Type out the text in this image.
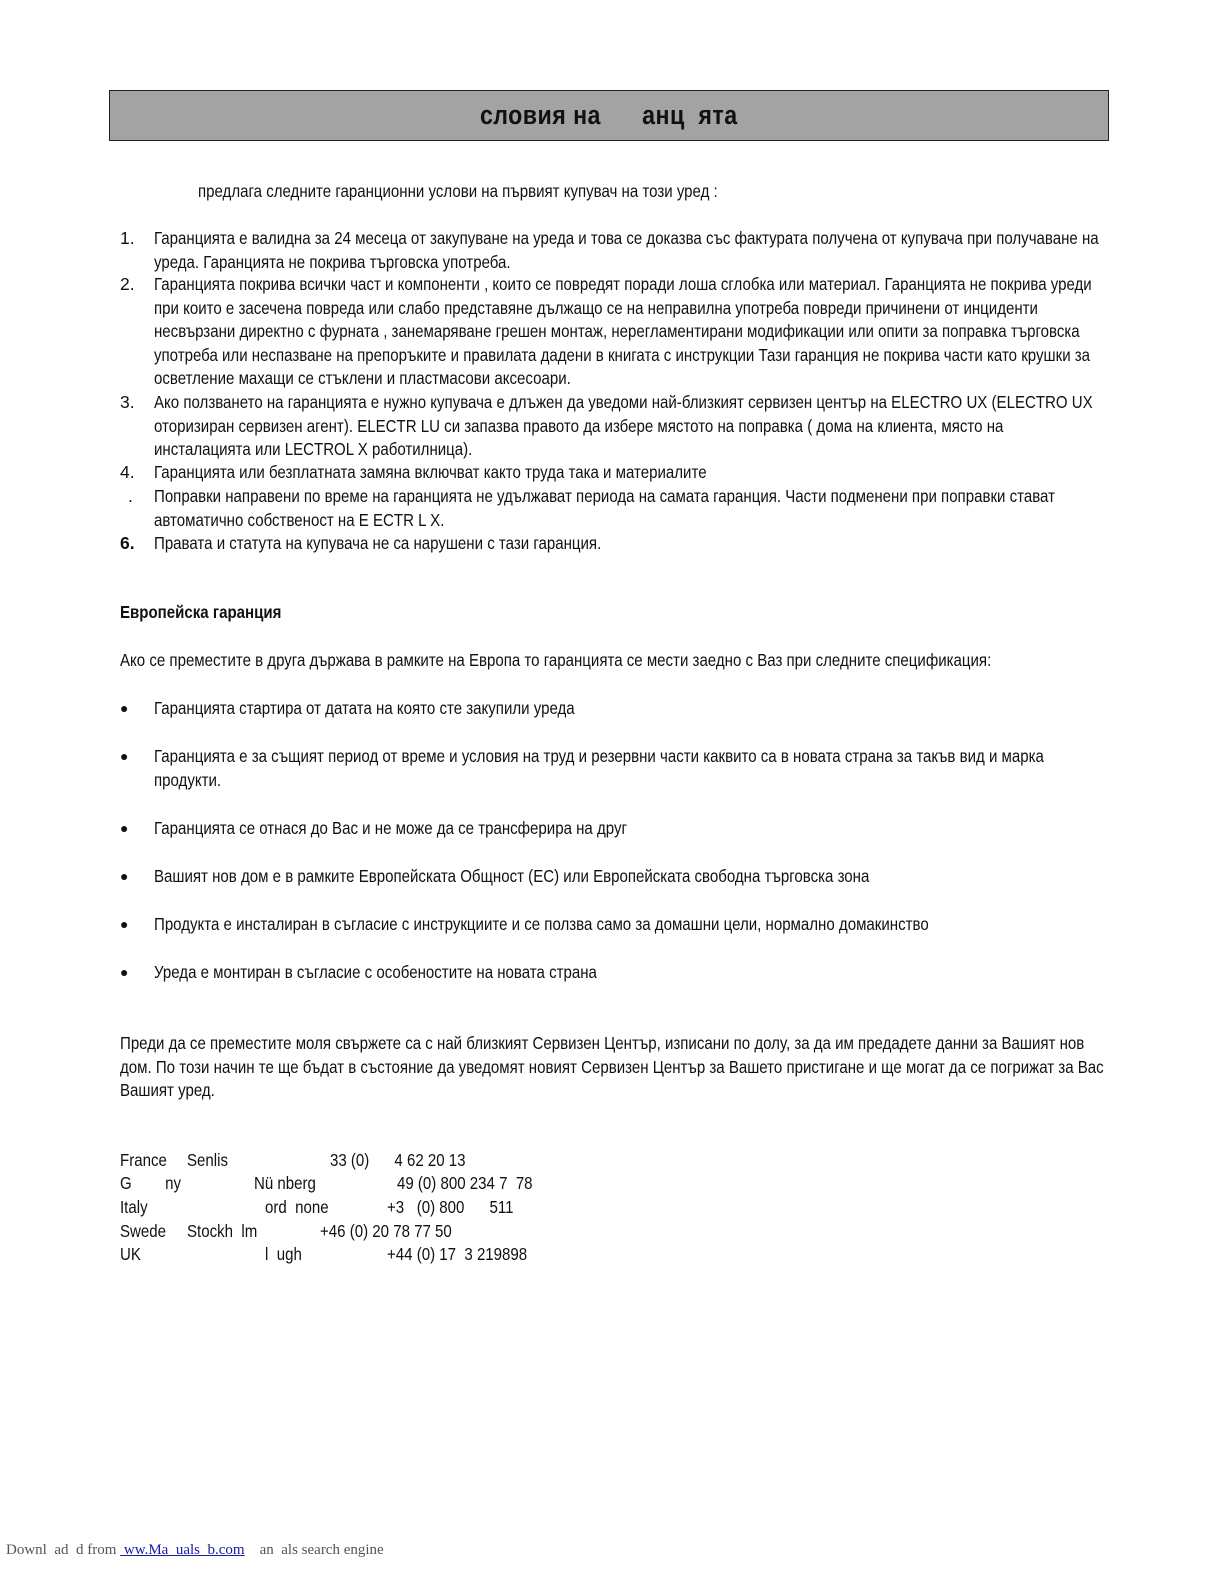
словия на      анц  ята
предлага следните гаранционни услови на първият купувач на този уред :
1. Гаранцията е валидна за 24 месеца от закупуване на уреда и това се доказва със фактурата получена от купувача при получаване на уреда. Гаранцията не покрива търговска употреба.
2. Гаранцията покрива всички част и компоненти , които се повредят поради лоша сглобка или материал. Гаранцията не покрива уреди при които е засечена повреда или слабо представяне дължащо се на неправилна употреба повреди причинени от инциденти несвързани директно с фурната , занемаряване грешен монтаж, нерегламентирани модификации или опити за поправка търговска употреба или неспазване на препоръките и правилата дадени в книгата с инструкции Тази гаранция не покрива части като крушки за осветление махащи се стъклени и пластмасови аксесоари.
3. Ако ползването на гаранцията е нужно купувача е длъжен да уведоми най-близкият сервизен център на ELECTRO UX (ELECTRO UX оторизиран сервизен агент). ELECTR LU си запазва правото да избере мястото на поправка ( дома на клиента, място на инсталацията или LECTROL X работилница).
4. Гаранцията или безплатната замяна включват както труда така и материалите
. Поправки направени по време на гаранцията не удължават периода на самата гаранция. Части подменени при поправки стават автоматично собственост на Е ECTR L X.
6. Правата и статута на купувача не са нарушени с тази гаранция.
Европейска гаранция
Ако се преместите в друга държава в рамките на Европа то гаранцията се мести заедно с Ваз при следните спецификация:
● Гаранцията стартира от датата на която сте закупили уреда
● Гаранцията е за същият период от време и условия на труд и резервни части каквито са в новата страна за такъв вид и марка продукти.
● Гаранцията се отнася до Вас и не може да се трансферира на друг
● Вашият нов дом е в рамките Европейската Общност (ЕС) или Европейската свободна търговска зона
● Продукта е инсталиран в съгласие с инструкциите и се ползва само за домашни цели, нормално домакинство
● Уреда е монтиран в съгласие с особеностите на новата страна
Преди да се преместите моля свържете са с най близкият Сервизен Център, изписани по долу, за да им предадете данни за Вашият нов дом. По този начин те ще бъдат в състояние да уведомят новият Сервизен Център за Вашето пристигане и ще могат да се погрижат за Вас Вашият уред.
France Senlis	33 (0)      4 62 20 13
G        ny	Nü nberg	49 (0) 800 234 7  78
Italy	ord  none	+3   (0) 800      511
Swede Stockh  lm	+46 (0) 20 78 77 50
UK	l  ugh	+44 (0) 17  3 219898
Downl  ad  d from  ww.Ma  uals  b.com    an  als search engine
